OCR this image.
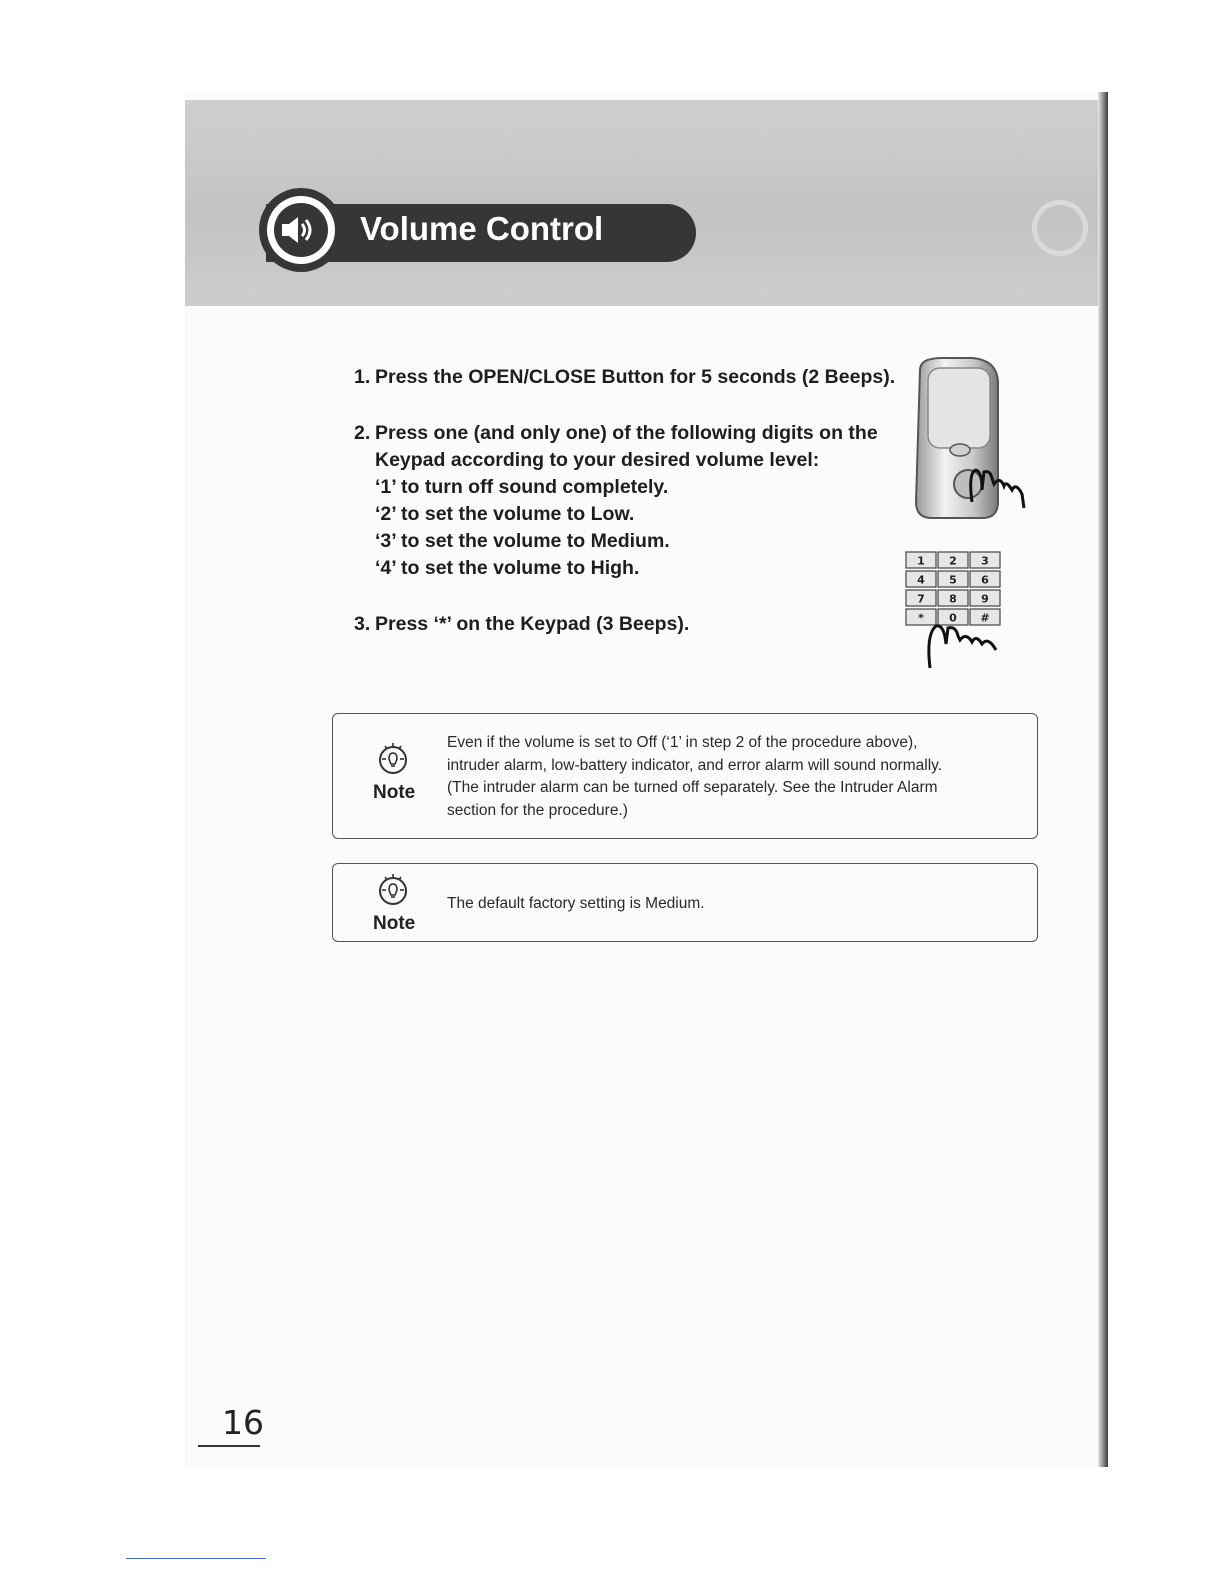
Volume Control
1. Press the OPEN/CLOSE Button for 5 seconds (2 Beeps).
2. Press one (and only one) of the following digits on the
Keypad according to your desired volume level:
‘1’ to turn off sound completely.
‘2’ to set the volume to Low.
‘3’ to set the volume to Medium.
‘4’ to set the volume to High.
3. Press ‘*’ on the Keypad (3 Beeps).
1 2 3
4 5 6
7 8 9
* 0 #
Note
Even if the volume is set to Off (‘1’ in step 2 of the procedure above),
intruder alarm, low-battery indicator, and error alarm will sound normally.
(The intruder alarm can be turned off separately. See the Intruder Alarm
section for the procedure.)
Note
The default factory setting is Medium.
16
